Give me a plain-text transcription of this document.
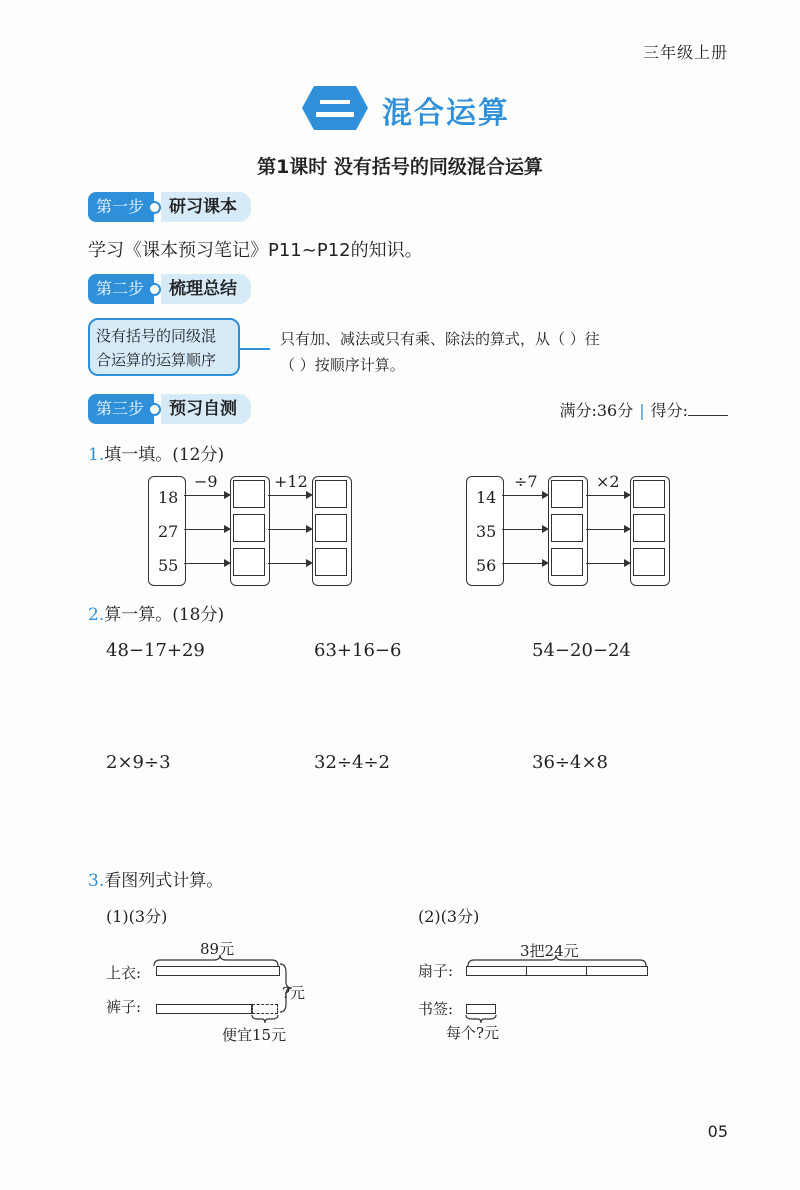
三年级上册
混合运算
第1课时 没有括号的同级混合运算
第一步	研习课本
学习《课本预习笔记》P11~P12的知识。
第二步	梳理总结
没有括号的同级混
合运算的运算顺序
只有加、减法或只有乘、除法的算式，从（ ）往
（ ）按顺序计算。
第三步	预习自测	满分:36分 | 得分:
1.填一填。(12分)
18
27
55
−9	+12
14
35
56
÷7	×2
2.算一算。(18分)
48−17+29	63+16−6	54−20−24
2×9÷3	32÷4÷2	36÷4×8
3.看图列式计算。
(1)(3分)
89元
上衣:
?元
裤子:
便宜15元
(2)(3分)
3把24元
扇子:
书签:
每个?元
05
